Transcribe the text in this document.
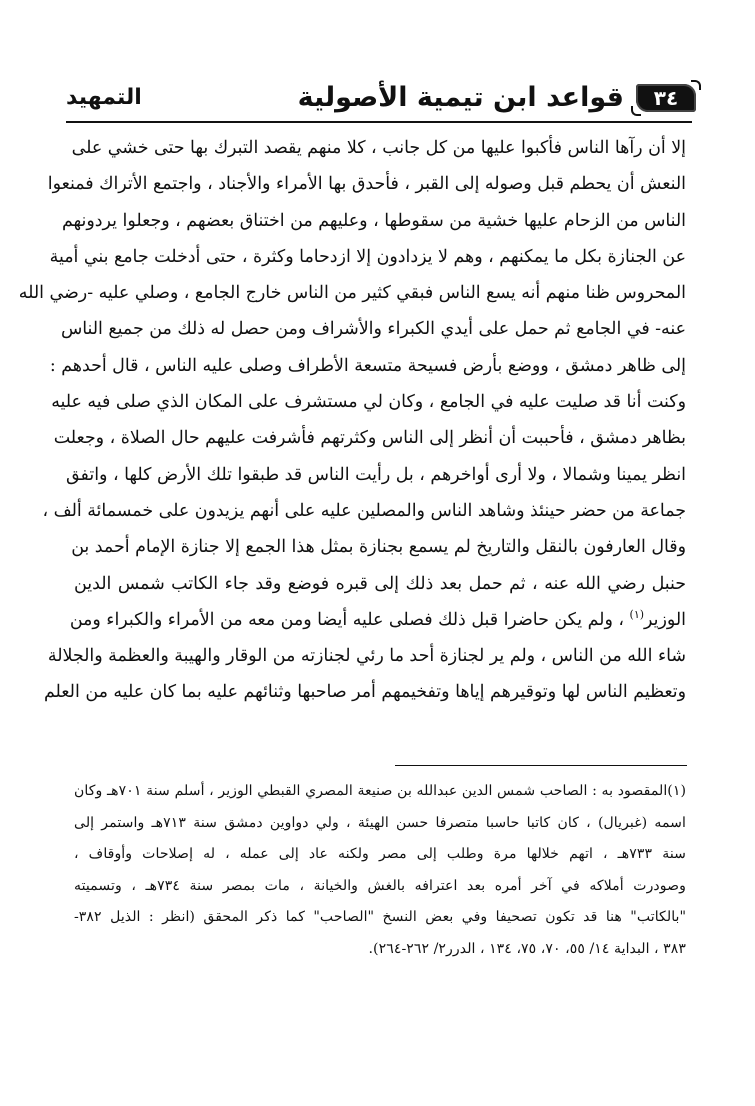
٣٤
قواعد ابن تيمية الأصولية
التمهيد
إلا أن رآها الناس فأكبوا عليها من كل جانب ، كلا منهم يقصد التبرك بها حتى خشي على
النعش أن يحطم قبل وصوله إلى القبر ، فأحدق بها الأمراء والأجناد ، واجتمع الأتراك فمنعوا
الناس من الزحام عليها خشية من سقوطها ، وعليهم من اختناق بعضهم ، وجعلوا يردونهم
عن الجنازة بكل ما يمكنهم ، وهم لا يزدادون إلا ازدحاما وكثرة ، حتى أدخلت جامع بني أمية
المحروس ظنا منهم أنه يسع الناس فبقي كثير من الناس خارج الجامع ، وصلي عليه -رضي الله
عنه- في الجامع ثم حمل على أيدي الكبراء والأشراف ومن حصل له ذلك من جميع الناس
إلى ظاهر دمشق ، ووضع بأرض فسيحة متسعة الأطراف وصلى عليه الناس ، قال أحدهم :
وكنت أنا قد صليت عليه في الجامع ، وكان لي مستشرف على المكان الذي صلى فيه عليه
بظاهر دمشق ، فأحببت أن أنظر إلى الناس وكثرتهم فأشرفت عليهم حال الصلاة ، وجعلت
انظر يمينا وشمالا ، ولا أرى أواخرهم ، بل رأيت الناس قد طبقوا تلك الأرض كلها ، واتفق
جماعة من حضر حينئذ وشاهد الناس والمصلين عليه على أنهم يزيدون على خمسمائة ألف ،
وقال العارفون بالنقل والتاريخ لم يسمع بجنازة بمثل هذا الجمع إلا جنازة الإمام أحمد بن
حنبل رضي الله عنه ، ثم حمل بعد ذلك إلى قبره فوضع وقد جاء الكاتب شمس الدين
الوزير$^{(١)}$ ، ولم يكن حاضرا قبل ذلك فصلى عليه أيضا ومن معه من الأمراء والكبراء ومن
شاء الله من الناس ، ولم ير لجنازة أحد ما رئي لجنازته من الوقار والهيبة والعظمة والجلالة
وتعظيم الناس لها وتوقيرهم إياها وتفخيمهم أمر صاحبها وثنائهم عليه بما كان عليه من العلم
(١)المقصود به : الصاحب شمس الدين عبدالله بن صنيعة المصري القبطي الوزير ، أسلم سنة ٧٠١هـ وكان
اسمه (غبريال) ، كان كاتبا حاسبا متصرفا حسن الهيئة ، ولي دواوين دمشق سنة ٧١٣هـ واستمر إلى
سنة ٧٣٣هـ ، اتهم خلالها مرة وطلب إلى مصر ولكنه عاد إلى عمله ، له إصلاحات وأوقاف ،
وصودرت أملاكه في آخر أمره بعد اعترافه بالغش والخيانة ، مات بمصر سنة ٧٣٤هـ ، وتسميته
"بالكاتب" هنا قد تكون تصحيفا وفي بعض النسخ "الصاحب" كما ذكر المحقق (انظر : الذيل ٣٨٢-
٣٨٣ ، البداية ١٤/ ٥٥، ٧٠، ٧٥، ١٣٤ ، الدرر٢/ ٢٦٢-٢٦٤).
